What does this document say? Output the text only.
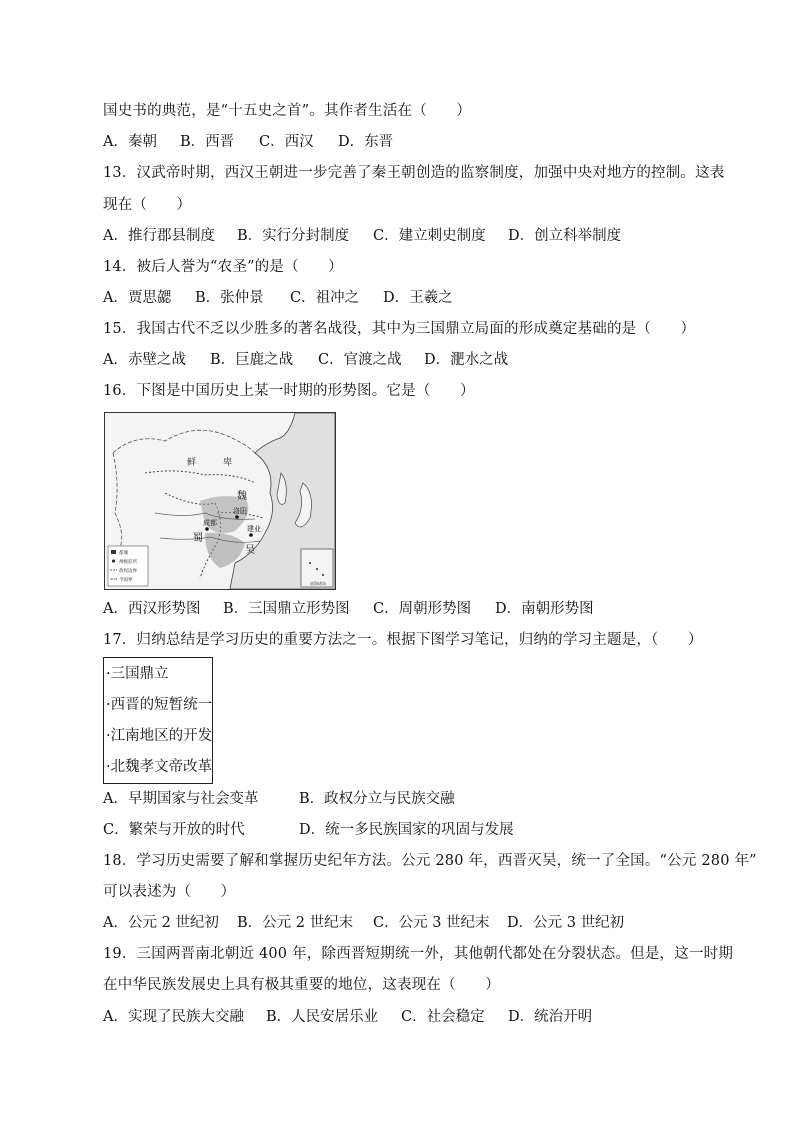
国史书的典范，是“十五史之首”。其作者生活在（　　）
A．秦朝 B．西晋 C．西汉 D．东晋
13．汉武帝时期，西汉王朝进一步完善了秦王朝创造的监察制度，加强中央对地方的控制。这表
现在（　　）
A．推行郡县制度 B．实行分封制度 C．建立刺史制度 D．创立科举制度
14．被后人誉为“农圣”的是（　　）
A．贾思勰 B．张仲景 C．祖冲之 D．王羲之
15．我国古代不乏以少胜多的著名战役，其中为三国鼎立局面的形成奠定基础的是（　　）
A．赤壁之战 B．巨鹿之战 C．官渡之战 D．淝水之战
16．下图是中国历史上某一时期的形势图。它是（　　）
鲜	卑
魏
蜀
吴
成都
洛阳
建业
都城
州级驻所
政权边界
今国界
南海诸岛
A．西汉形势图 B．三国鼎立形势图 C．周朝形势图 D．南朝形势图
17．归纳总结是学习历史的重要方法之一。根据下图学习笔记，归纳的学习主题是，（　　）
·三国鼎立
·西晋的短暂统一
·江南地区的开发
·北魏孝文帝改革
A．早期国家与社会变革	B．政权分立与民族交融
C．繁荣与开放的时代	D．统一多民族国家的巩固与发展
18．学习历史需要了解和掌握历史纪年方法。公元 280 年，西晋灭吴，统一了全国。“公元 280 年”
可以表述为（　　）
A．公元 2 世纪初 B．公元 2 世纪末 C．公元 3 世纪末 D．公元 3 世纪初
19．三国两晋南北朝近 400 年，除西晋短期统一外，其他朝代都处在分裂状态。但是，这一时期
在中华民族发展史上具有极其重要的地位，这表现在（　　）
A．实现了民族大交融 B．人民安居乐业 C．社会稳定 D．统治开明
